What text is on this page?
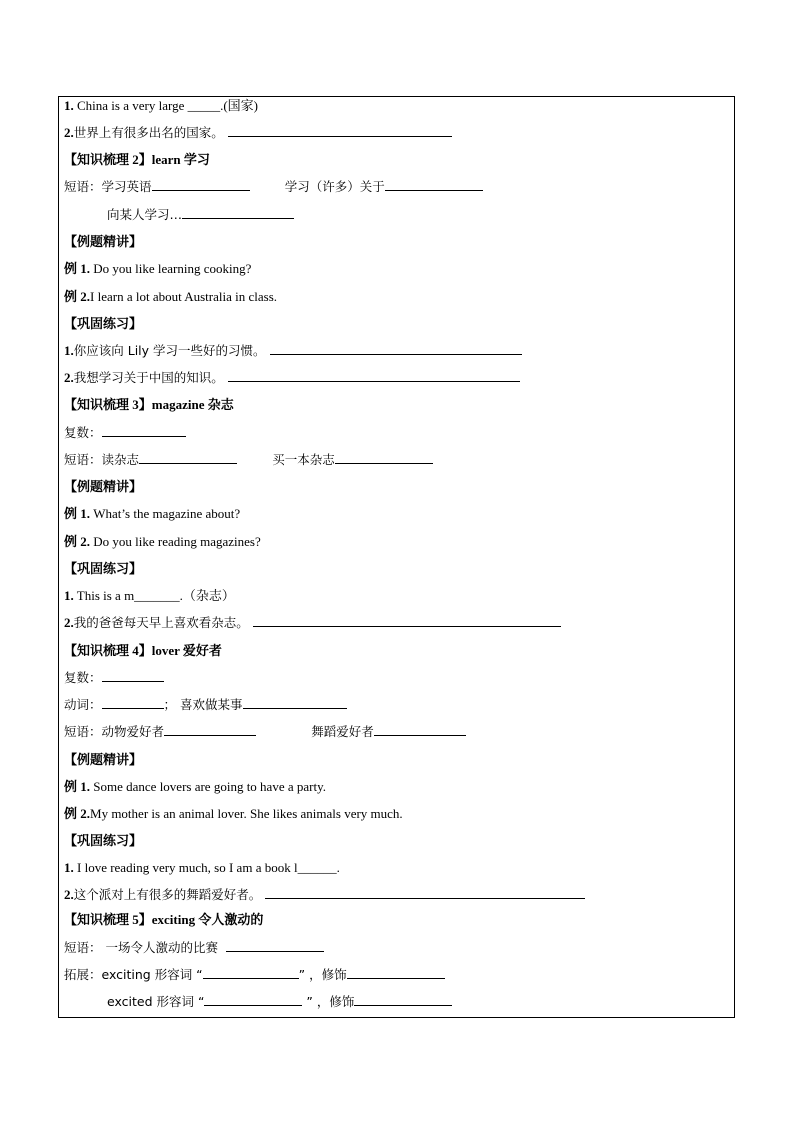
1. China is a very large _____.(国家)
2.世界上有很多出名的国家。
【知识梳理 2】learn 学习
短语：学习英语	学习（许多）关于
向某人学习…
【例题精讲】
例 1. Do you like learning cooking?
例 2.I learn a lot about Australia in class.
【巩固练习】
1.你应该向 Lily 学习一些好的习惯。
2.我想学习关于中国的知识。
【知识梳理 3】magazine 杂志
复数：
短语：读杂志	买一本杂志
【例题精讲】
例 1. What’s the magazine about?
例 2. Do you like reading magazines?
【巩固练习】
1. This is a m_______.（杂志）
2.我的爸爸每天早上喜欢看杂志。
【知识梳理 4】lover 爱好者
复数：
动词：	； 喜欢做某事
短语：动物爱好者	舞蹈爱好者
【例题精讲】
例 1. Some dance lovers are going to have a party.
例 2.My mother is an animal lover. She likes animals very much.
【巩固练习】
1. I love reading very much, so I am a book l______.
2.这个派对上有很多的舞蹈爱好者。
【知识梳理 5】exciting 令人激动的
短语： 一场令人激动的比赛
拓展：exciting 形容词 “	” ，修饰
excited 形容词 “	” ，修饰
